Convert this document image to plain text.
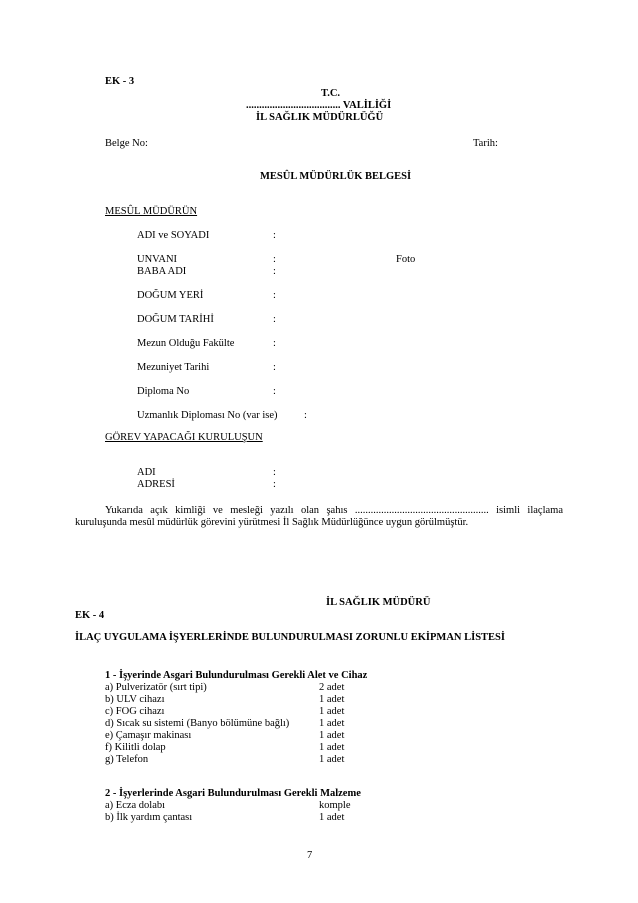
EK - 3
T.C.
.................................... VALİLİĞİ
İL SAĞLIK MÜDÜRLÜĞÜ
Belge No:	Tarih:
MESÛL MÜDÜRLÜK BELGESİ
MESÛL MÜDÜRÜN
ADI ve SOYADI	:
UNVANI	:
BABA ADI	:
DOĞUM YERİ	:
DOĞUM TARİHİ	:
Mezun Olduğu Fakülte	:
Mezuniyet Tarihi	:
Diploma No	:
Uzmanlık Diploması No (var ise)	:
Foto
GÖREV YAPACAĞI KURULUŞUN
ADI	:
ADRESİ	:
Yukarıda açık kimliği ve mesleği yazılı olan şahıs ................................................... isimli ilaçlama
kuruluşunda mesûl müdürlük görevini yürütmesi İl Sağlık Müdürlüğünce uygun görülmüştür.
İL SAĞLIK MÜDÜRÜ
EK - 4
İLAÇ UYGULAMA İŞYERLERİNDE BULUNDURULMASI ZORUNLU EKİPMAN LİSTESİ
1 - İşyerinde Asgari Bulundurulması Gerekli Alet ve Cihaz
a) Pulverizatör (sırt tipi)	2 adet
b) ULV cihazı	1 adet
c) FOG cihazı	1 adet
d) Sıcak su sistemi (Banyo bölümüne bağlı)	1 adet
e) Çamaşır makinası	1 adet
f) Kilitli dolap	1 adet
g) Telefon	1 adet
2 - İşyerlerinde Asgari Bulundurulması Gerekli Malzeme
a) Ecza dolabı	komple
b) İlk yardım çantası	1 adet
7
